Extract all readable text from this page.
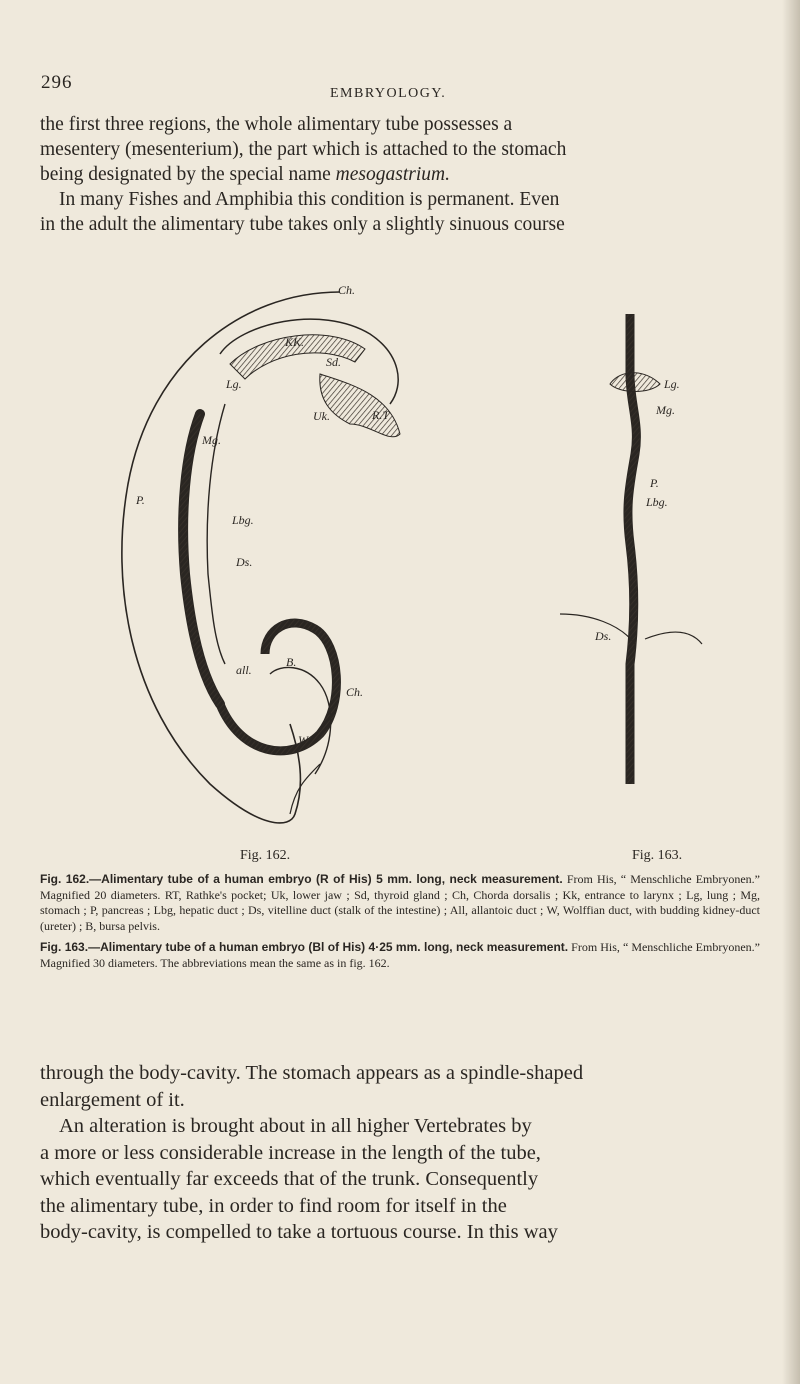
296
EMBRYOLOGY.

the first three regions, the whole alimentary tube possesses a

mesentery (mesenterium), the part which is attached to the stomach

being designated by the special name mesogastrium.

In many Fishes and Amphibia this condition is permanent. Even

in the adult the alimentary tube takes only a slightly sinuous course

Ch.
KK.
Sd.
Lg.
Uk.	R.T
Mg.
P.
Lbg.
Ds.
all.
B.
Ch.
W.
Lg.
Mg.
P.
Lbg.
Ds.
Fig. 162.	Fig. 163.

Fig. 162.—Alimentary tube of a human embryo (R of His) 5 mm. long, neck measurement. From His, “ Menschliche Embryonen.” Magnified 20 diameters. RT, Rathke's pocket; Uk, lower jaw ; Sd, thyroid gland ; Ch, Chorda dorsalis ; Kk, entrance to larynx ; Lg, lung ; Mg, stomach ; P, pancreas ; Lbg, hepatic duct ; Ds, vitelline duct (stalk of the intestine) ; All, allantoic duct ; W, Wolffian duct, with budding kidney-duct (ureter) ; B, bursa pelvis.

Fig. 163.—Alimentary tube of a human embryo (Bl of His) 4·25 mm. long, neck measurement. From His, “ Menschliche Embryonen.” Magnified 30 diameters. The abbreviations mean the same as in fig. 162.

through the body-cavity. The stomach appears as a spindle-shaped

enlargement of it.

An alteration is brought about in all higher Vertebrates by

a more or less considerable increase in the length of the tube,

which eventually far exceeds that of the trunk. Consequently

the alimentary tube, in order to find room for itself in the

body-cavity, is compelled to take a tortuous course. In this way
